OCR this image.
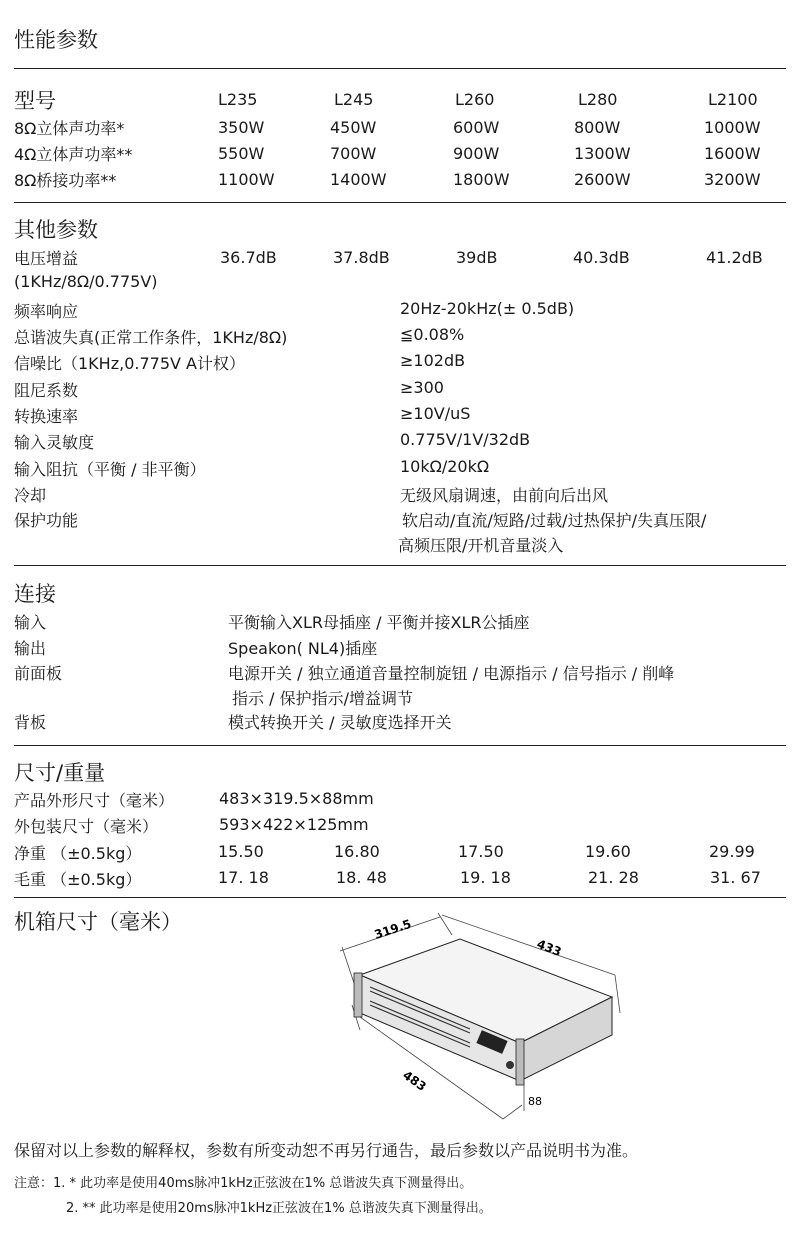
性能参数
型号	L235	L245	L260	L280	L2100
8Ω立体声功率*	350W	450W	600W	800W	1000W
4Ω立体声功率**	550W	700W	900W	1300W	1600W
8Ω桥接功率**	1100W	1400W	1800W	2600W	3200W
其他参数
电压增益
(1KHz/8Ω/0.775V)
36.7dB	37.8dB	39dB	40.3dB	41.2dB
频率响应	20Hz-20kHz(± 0.5dB)
总谐波失真(正常工作条件，1KHz/8Ω)	≦0.08%
信噪比（1KHz,0.775V A计权）	≥102dB
阻尼系数	≥300
转换速率	≥10V/uS
输入灵敏度	0.775V/1V/32dB
输入阻抗（平衡 / 非平衡）	10kΩ/20kΩ
冷却	无级风扇调速，由前向后出风
保护功能	软启动/直流/短路/过载/过热保护/失真压限/
高频压限/开机音量淡入
连接
输入	平衡输入XLR母插座 / 平衡并接XLR公插座
输出	Speakon( NL4)插座
前面板	电源开关 / 独立通道音量控制旋钮 / 电源指示 / 信号指示 / 削峰
指示 / 保护指示/增益调节
背板	模式转换开关 / 灵敏度选择开关
尺寸/重量
产品外形尺寸（毫米）	483×319.5×88mm
外包装尺寸（毫米）	593×422×125mm
净重 （±0.5kg）	15.50	16.80	17.50	19.60	29.99
毛重 （±0.5kg）	17. 18	18. 48	19. 18	21. 28	31. 67
机箱尺寸（毫米）	319.5
433
483
88
保留对以上参数的解释权，参数有所变动恕不再另行通告，最后参数以产品说明书为准。
注意：1. * 此功率是使用40ms脉冲1kHz正弦波在1% 总谐波失真下测量得出。
2. ** 此功率是使用20ms脉冲1kHz正弦波在1% 总谐波失真下测量得出。
